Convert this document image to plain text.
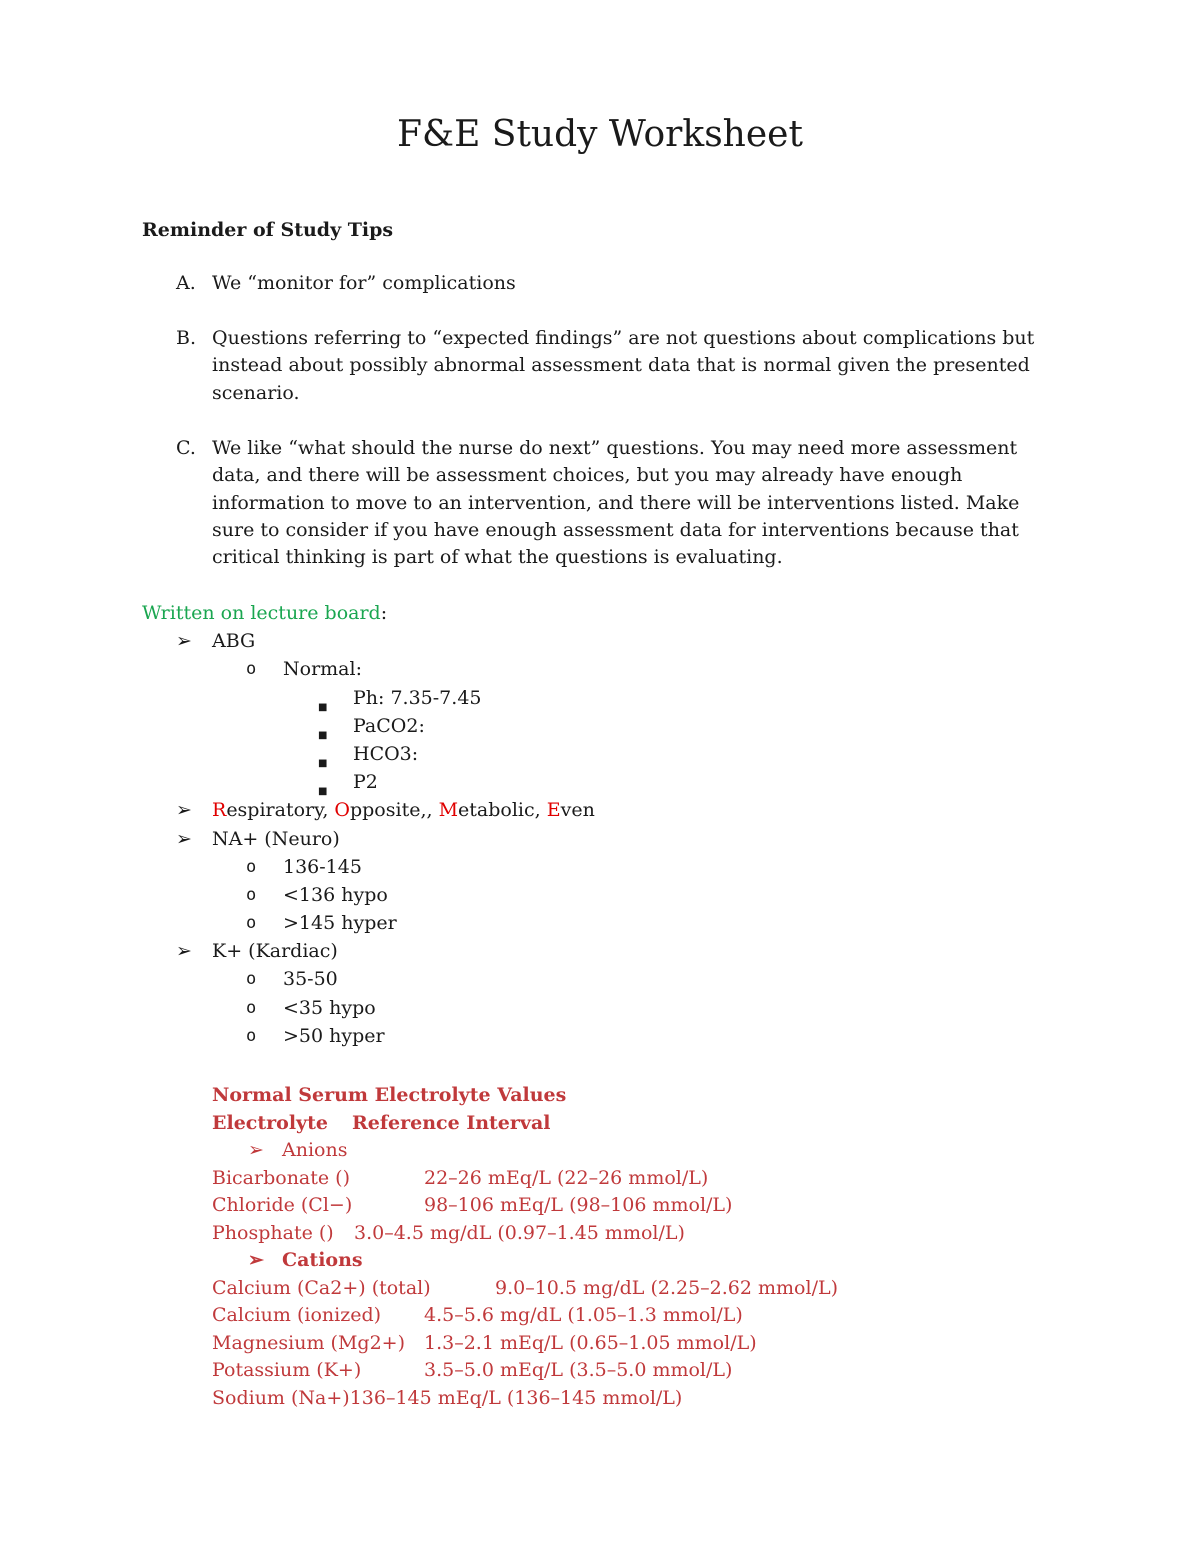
F&E Study Worksheet
Reminder of Study Tips
A. We “monitor for” complications
B. Questions referring to “expected findings” are not questions about complications but instead about possibly abnormal assessment data that is normal given the presented scenario.
C. We like “what should the nurse do next” questions. You may need more assessment data, and there will be assessment choices, but you may already have enough information to move to an intervention, and there will be interventions listed. Make sure to consider if you have enough assessment data for interventions because that critical thinking is part of what the questions is evaluating.
Written on lecture board:
➢ ABG
o Normal:
■ Ph: 7.35-7.45
■ PaCO2:
■ HCO3:
■ P2
➢ Respiratory, Opposite,, Metabolic, Even
➢ NA+ (Neuro)
o 136-145
o <136 hypo
o >145 hyper
➢ K+ (Kardiac)
o 35-50
o <35 hypo
o >50 hyper
Normal Serum Electrolyte Values
Electrolyte Reference Interval
➢ Anions
Bicarbonate ()	22–26 mEq/L (22–26 mmol/L)
Chloride (Cl−)	98–106 mEq/L (98–106 mmol/L)
Phosphate () 3.0–4.5 mg/dL (0.97–1.45 mmol/L)
➢ Cations
Calcium (Ca2+) (total)	9.0–10.5 mg/dL (2.25–2.62 mmol/L)
Calcium (ionized) 4.5–5.6 mg/dL (1.05–1.3 mmol/L)
Magnesium (Mg2+) 1.3–2.1 mEq/L (0.65–1.05 mmol/L)
Potassium (K+)	3.5–5.0 mEq/L (3.5–5.0 mmol/L)
Sodium (Na+)136–145 mEq/L (136–145 mmol/L)
